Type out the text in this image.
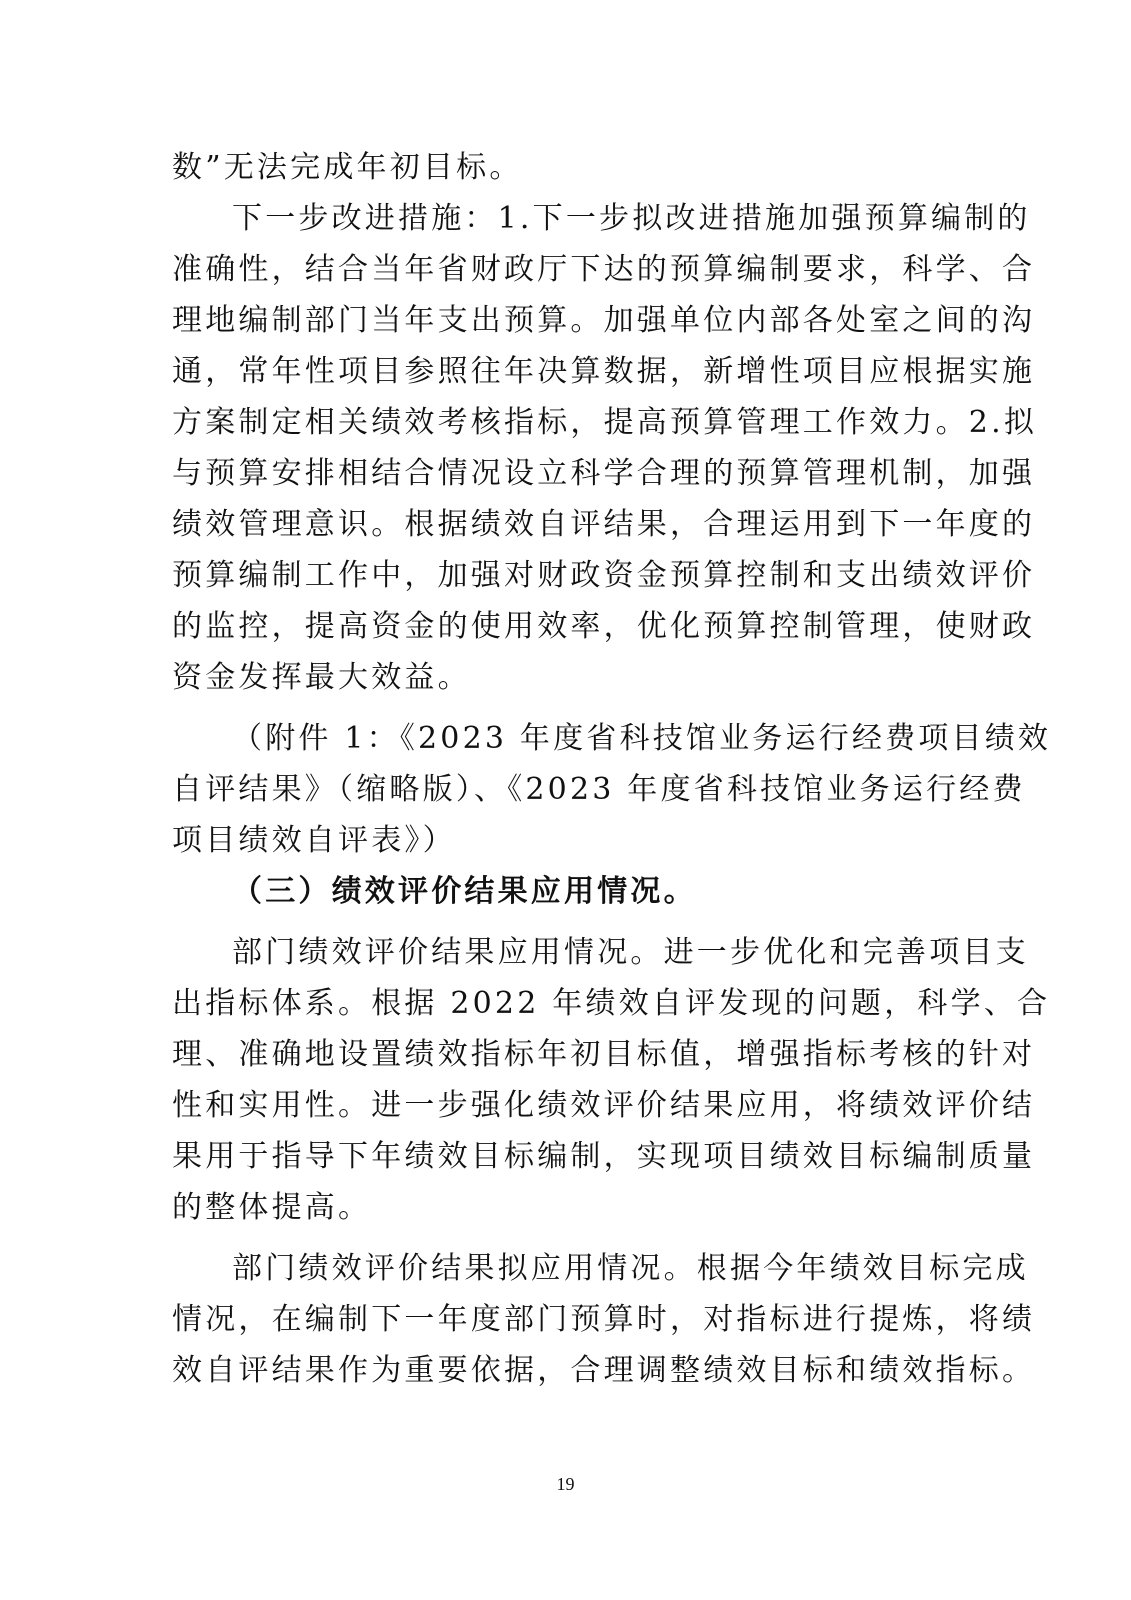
数”无法完成年初目标。
下一步改进措施：1.下一步拟改进措施加强预算编制的
准确性，结合当年省财政厅下达的预算编制要求，科学、合
理地编制部门当年支出预算。加强单位内部各处室之间的沟
通，常年性项目参照往年决算数据，新增性项目应根据实施
方案制定相关绩效考核指标，提高预算管理工作效力。2.拟
与预算安排相结合情况设立科学合理的预算管理机制，加强
绩效管理意识。根据绩效自评结果，合理运用到下一年度的
预算编制工作中，加强对财政资金预算控制和支出绩效评价
的监控，提高资金的使用效率，优化预算控制管理，使财政
资金发挥最大效益。
（附件 1：《2023 年度省科技馆业务运行经费项目绩效
自评结果》（缩略版）、《2023 年度省科技馆业务运行经费
项目绩效自评表》）
（三）绩效评价结果应用情况。
部门绩效评价结果应用情况。进一步优化和完善项目支
出指标体系。根据 2022 年绩效自评发现的问题，科学、合
理、准确地设置绩效指标年初目标值，增强指标考核的针对
性和实用性。进一步强化绩效评价结果应用，将绩效评价结
果用于指导下年绩效目标编制，实现项目绩效目标编制质量
的整体提高。
部门绩效评价结果拟应用情况。根据今年绩效目标完成
情况，在编制下一年度部门预算时，对指标进行提炼，将绩
效自评结果作为重要依据，合理调整绩效目标和绩效指标。
19
